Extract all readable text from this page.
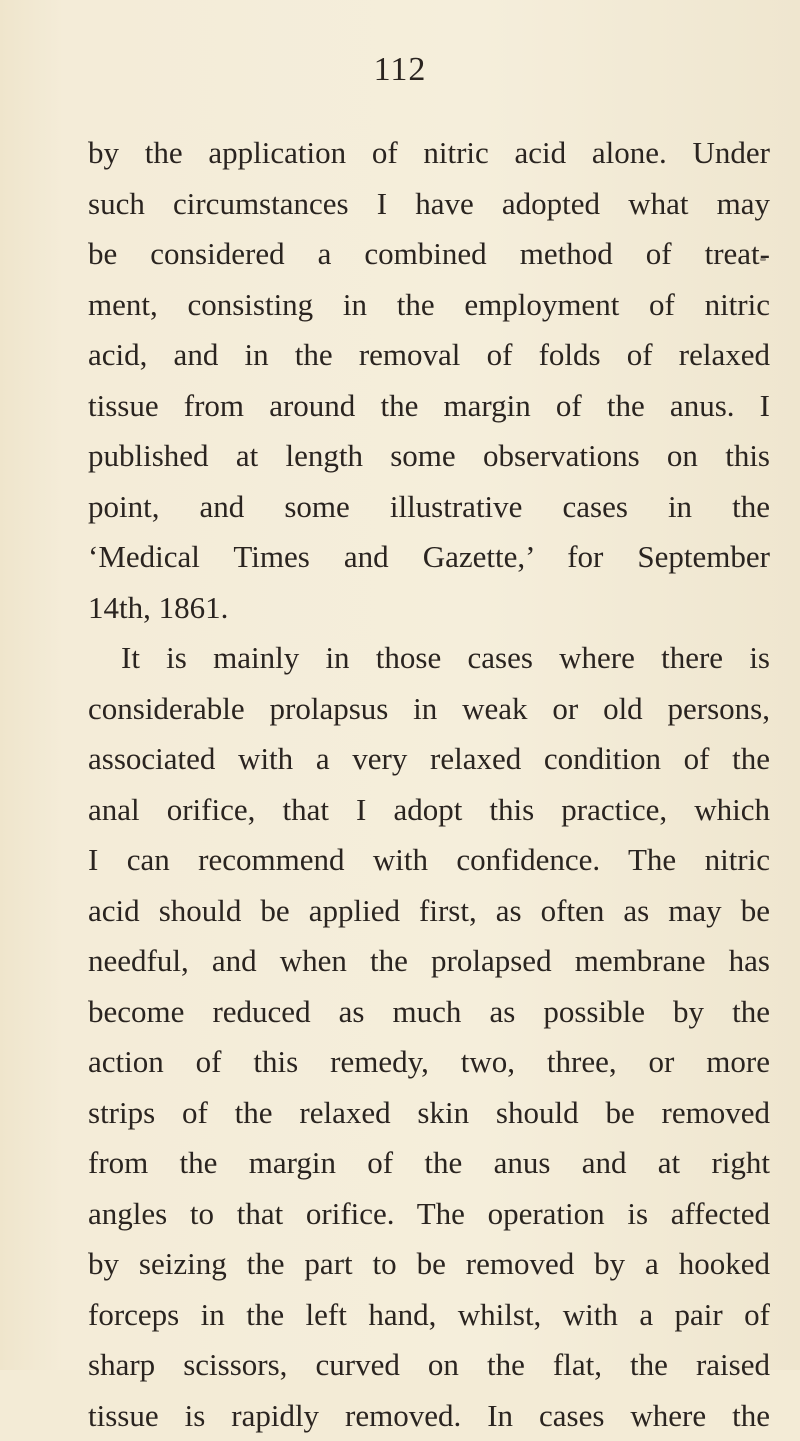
112
by the application of nitric acid alone. Under
such circumstances I have adopted what may
be considered a combined method of treat-
ment, consisting in the employment of nitric
acid, and in the removal of folds of relaxed
tissue from around the margin of the anus. I
published at length some observations on this
point, and some illustrative cases in the
‘Medical Times and Gazette,’ for September
14th, 1861.
It is mainly in those cases where there is
considerable prolapsus in weak or old persons,
associated with a very relaxed condition of the
anal orifice, that I adopt this practice, which
I can recommend with confidence. The nitric
acid should be applied first, as often as may be
needful, and when the prolapsed membrane has
become reduced as much as possible by the
action of this remedy, two, three, or more
strips of the relaxed skin should be removed
from the margin of the anus and at right
angles to that orifice. The operation is affected
by seizing the part to be removed by a hooked
forceps in the left hand, whilst, with a pair of
sharp scissors, curved on the flat, the raised
tissue is rapidly removed. In cases where the
